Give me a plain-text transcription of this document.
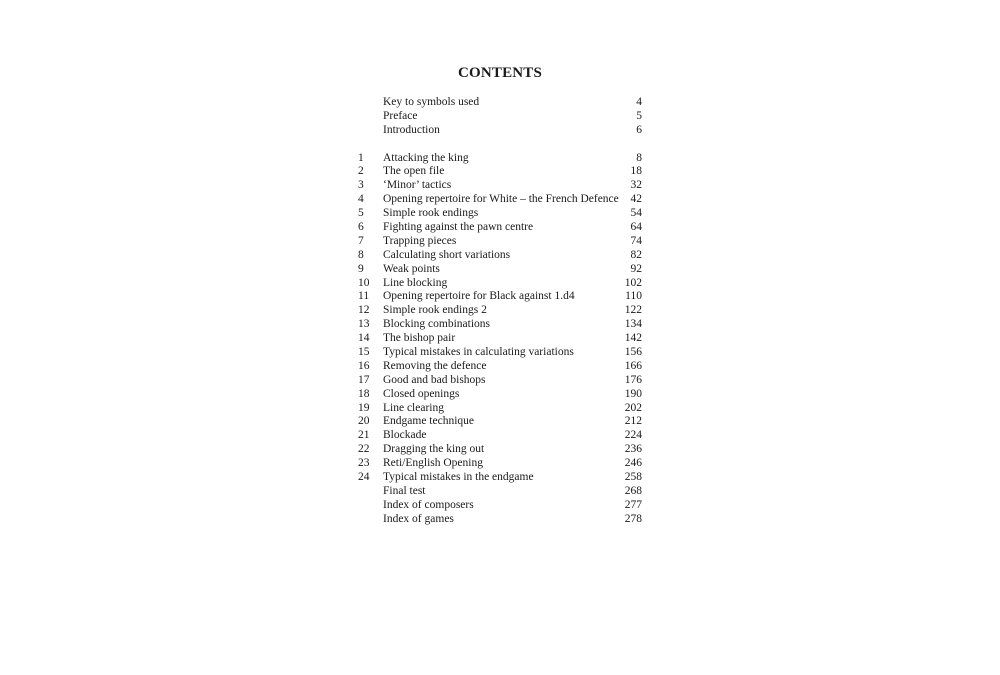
CONTENTS
Key to symbols used	4
Preface	5
Introduction	6
1	Attacking the king	8
2	The open file	18
3	‘Minor’ tactics	32
4	Opening repertoire for White – the French Defence 42
5	Simple rook endings	54
6	Fighting against the pawn centre	64
7	Trapping pieces	74
8	Calculating short variations	82
9	Weak points	92
10	Line blocking	102
11	Opening repertoire for Black against 1.d4	110
12	Simple rook endings 2	122
13	Blocking combinations	134
14	The bishop pair	142
15	Typical mistakes in calculating variations	156
16	Removing the defence	166
17	Good and bad bishops	176
18	Closed openings	190
19	Line clearing	202
20	Endgame technique	212
21	Blockade	224
22	Dragging the king out	236
23	Reti/English Opening	246
24	Typical mistakes in the endgame	258
Final test	268
Index of composers	277
Index of games	278
